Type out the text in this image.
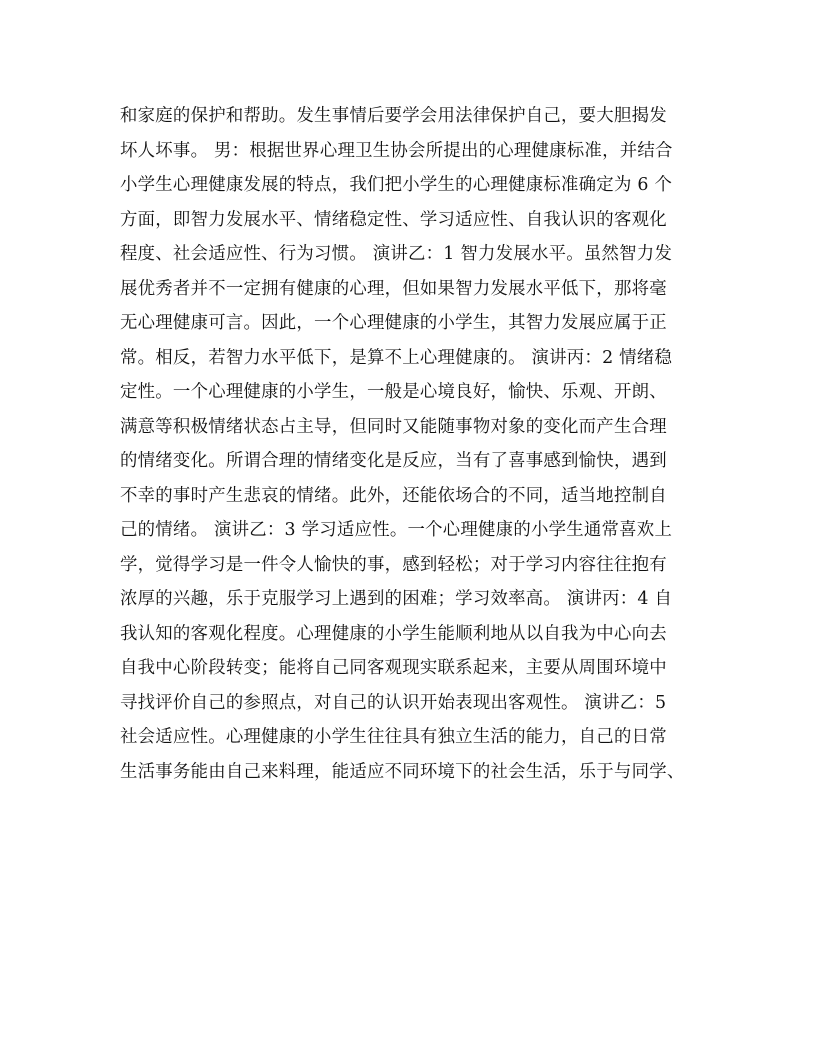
和家庭的保护和帮助。发生事情后要学会用法律保护自己，要大胆揭发
坏人坏事。 男：根据世界心理卫生协会所提出的心理健康标准，并结合
小学生心理健康发展的特点，我们把小学生的心理健康标准确定为 6 个
方面，即智力发展水平、情绪稳定性、学习适应性、自我认识的客观化
程度、社会适应性、行为习惯。 演讲乙：1 智力发展水平。虽然智力发
展优秀者并不一定拥有健康的心理，但如果智力发展水平低下，那将毫
无心理健康可言。因此，一个心理健康的小学生，其智力发展应属于正
常。相反，若智力水平低下，是算不上心理健康的。 演讲丙：2 情绪稳
定性。一个心理健康的小学生，一般是心境良好，愉快、乐观、开朗、
满意等积极情绪状态占主导，但同时又能随事物对象的变化而产生合理
的情绪变化。所谓合理的情绪变化是反应，当有了喜事感到愉快，遇到
不幸的事时产生悲哀的情绪。此外，还能依场合的不同，适当地控制自
己的情绪。 演讲乙：3 学习适应性。一个心理健康的小学生通常喜欢上
学，觉得学习是一件令人愉快的事，感到轻松；对于学习内容往往抱有
浓厚的兴趣，乐于克服学习上遇到的困难；学习效率高。 演讲丙：4 自
我认知的客观化程度。心理健康的小学生能顺利地从以自我为中心向去
自我中心阶段转变；能将自己同客观现实联系起来，主要从周围环境中
寻找评价自己的参照点，对自己的认识开始表现出客观性。 演讲乙：5
社会适应性。心理健康的小学生往往具有独立生活的能力，自己的日常
生活事务能由自己来料理，能适应不同环境下的社会生活，乐于与同学、
